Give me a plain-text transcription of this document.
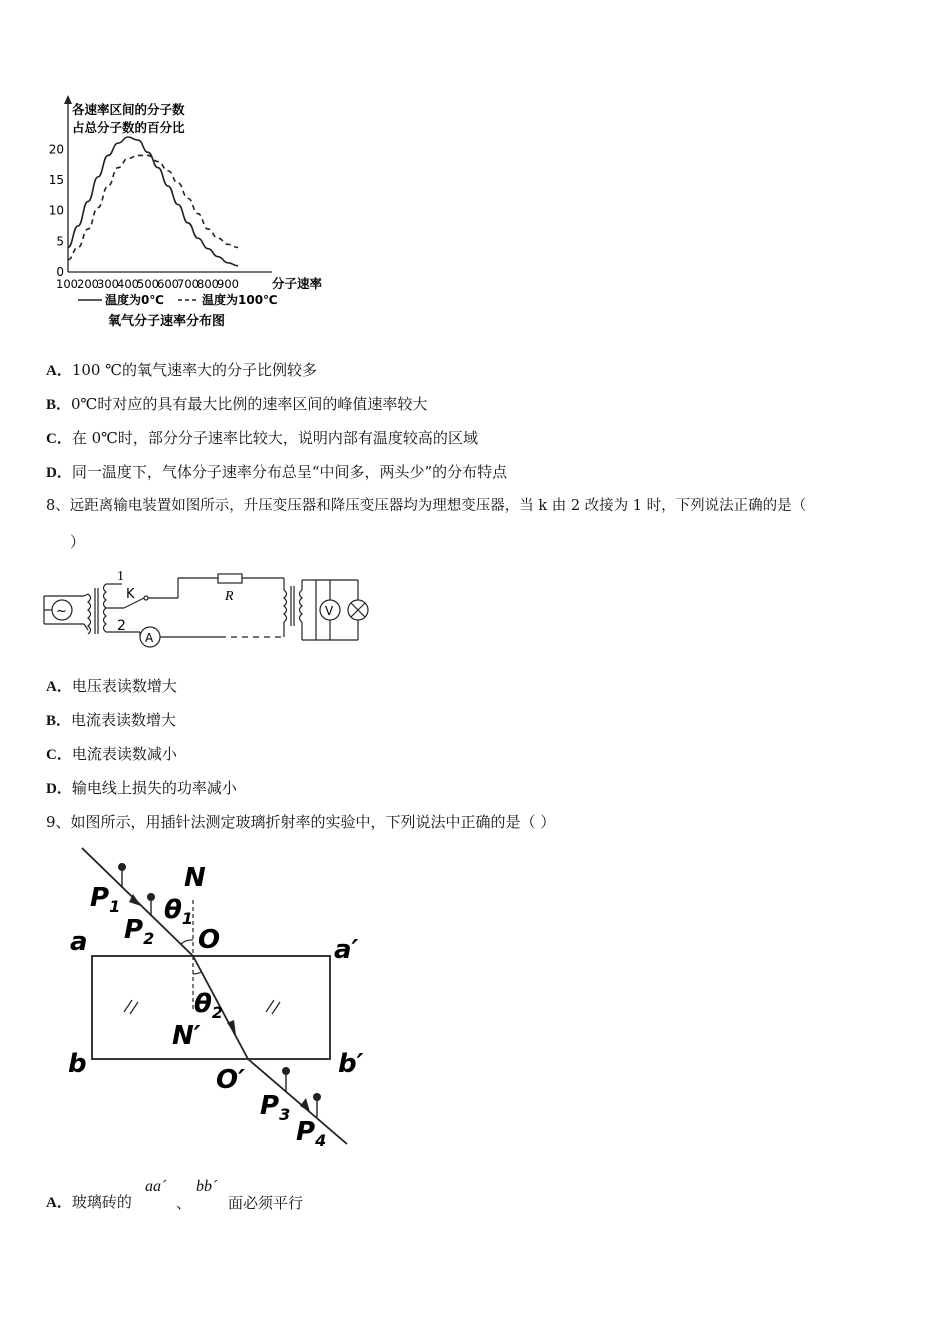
各速率区间的分子数
占总分子数的百分比
0
5
10
15
20
100 200
300
400
500
600
700
800
900	分子速率
温度为0℃	温度为100℃
氧气分子速率分布图
A．100 ℃的氧气速率大的分子比例较多
B．0℃时对应的具有最大比例的速率区间的峰值速率较大
C．在 0℃时，部分分子速率比较大，说明内部有温度较高的区域
D．同一温度下，气体分子速率分布总呈“中间多，两头少”的分布特点
8、远距离输电装置如图所示，升压变压器和降压变压器均为理想变压器，当 k 由 2 改接为 1 时，下列说法正确的是（
）
~
1
K
2
R
A
V
A．电压表读数增大
B．电流表读数增大
C．电流表读数减小
D．输电线上损失的功率减小
9、如图所示，用插针法测定玻璃折射率的实验中，下列说法中正确的是（ ）
$P_1$
$P_2$
N
$\theta_1$
O
a	a′
$\theta_2$
N′
b	b′
O′
$P_3$
$P_4$
A．玻璃砖的
aa´
、
bb´
面必须平行
